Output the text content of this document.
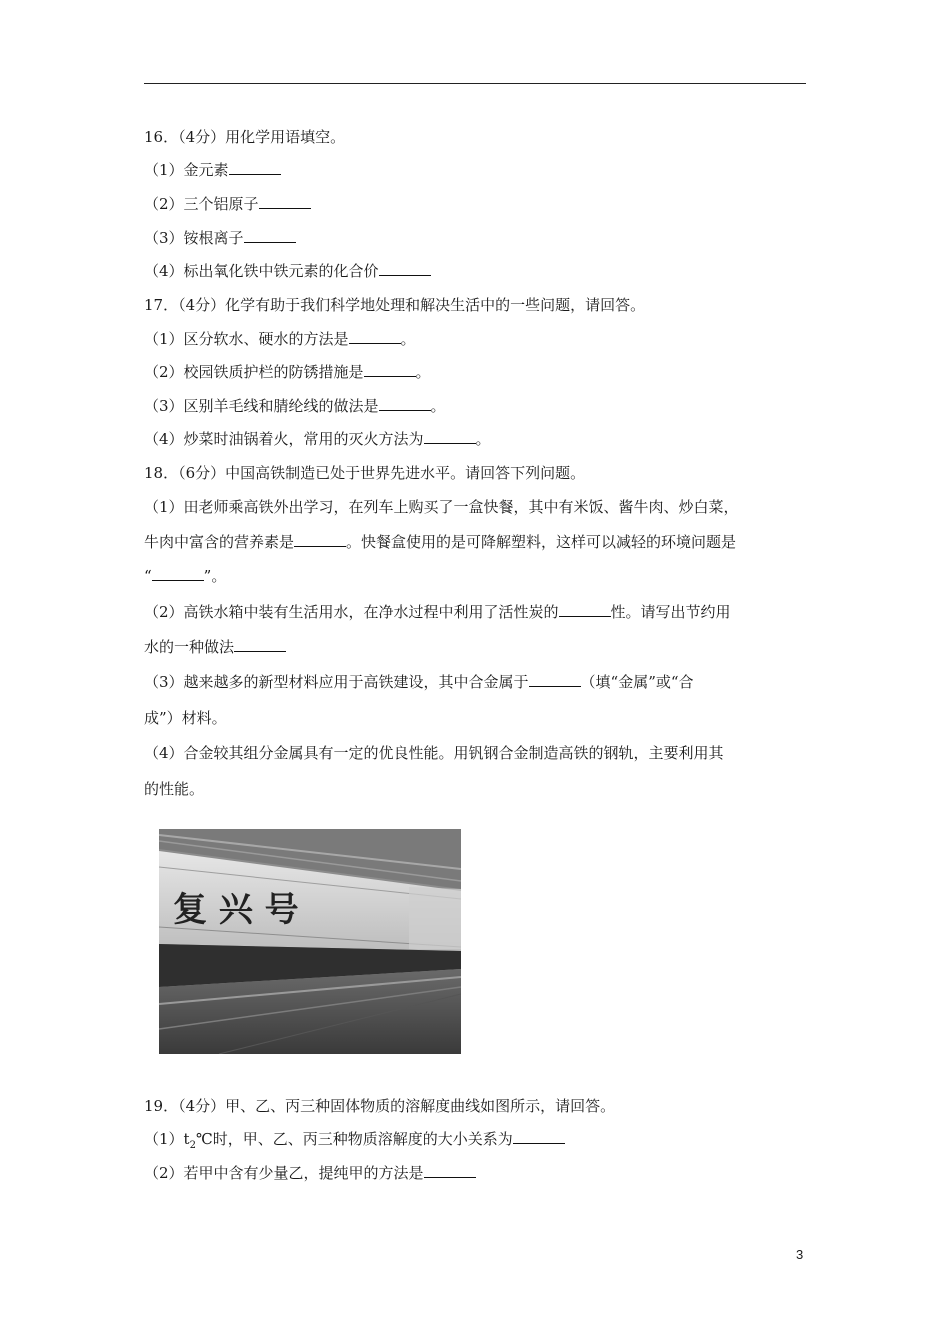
16．（4分）用化学用语填空。
（1）金元素
（2）三个铝原子
（3）铵根离子
（4）标出氧化铁中铁元素的化合价
17．（4分）化学有助于我们科学地处理和解决生活中的一些问题，请回答。
（1）区分软水、硬水的方法是	。
（2）校园铁质护栏的防锈措施是	。
（3）区别羊毛线和腈纶线的做法是	。
（4）炒菜时油锅着火，常用的灭火方法为	。
18．（6分）中国高铁制造已处于世界先进水平。请回答下列问题。
（1）田老师乘高铁外出学习，在列车上购买了一盒快餐，其中有米饭、酱牛肉、炒白菜，
牛肉中富含的营养素是	。快餐盒使用的是可降解塑料，这样可以减轻的环境问题是
“	”。
（2）高铁水箱中装有生活用水，在净水过程中利用了活性炭的	性。请写出节约用
水的一种做法
（3）越来越多的新型材料应用于高铁建设，其中合金属于	（填“金属”或“合
成”）材料。
（4）合金较其组分金属具有一定的优良性能。用钒钢合金制造高铁的钢轨，主要利用其
的性能。
复 兴 号
19．（4分）甲、乙、丙三种固体物质的溶解度曲线如图所示，请回答。
$(1)t_2℃$时，甲、乙、丙三种物质溶解度的大小关系为
（2）若甲中含有少量乙，提纯甲的方法是
3
